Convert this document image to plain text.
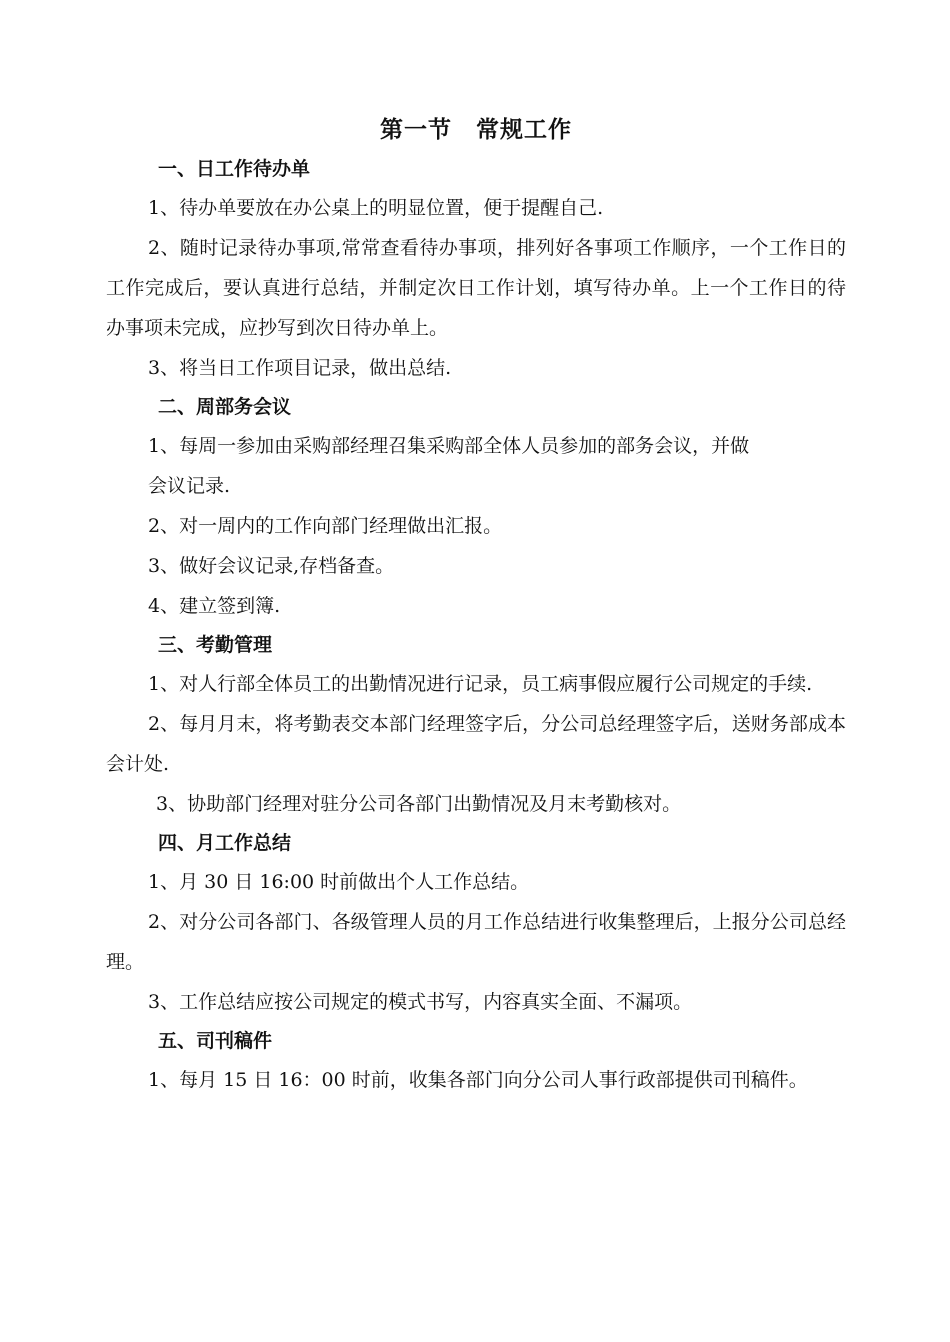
第一节　常规工作
一、日工作待办单

1、待办单要放在办公桌上的明显位置，便于提醒自己.

2、随时记录待办事项,常常查看待办事项，排列好各事项工作顺序，一个工作日的工作完成后，要认真进行总结，并制定次日工作计划，填写待办单。上一个工作日的待办事项未完成，应抄写到次日待办单上。

3、将当日工作项目记录，做出总结.

二、周部务会议

1、每周一参加由采购部经理召集采购部全体人员参加的部务会议，并做

会议记录.

2、对一周内的工作向部门经理做出汇报。

3、做好会议记录,存档备查。

4、建立签到簿.

三、考勤管理

1、对人行部全体员工的出勤情况进行记录，员工病事假应履行公司规定的手续.

2、每月月末，将考勤表交本部门经理签字后，分公司总经理签字后，送财务部成本会计处.

3、协助部门经理对驻分公司各部门出勤情况及月末考勤核对。

四、月工作总结

1、月 30 日 16:00 时前做出个人工作总结。

2、对分公司各部门、各级管理人员的月工作总结进行收集整理后，上报分公司总经理。

3、工作总结应按公司规定的模式书写，内容真实全面、不漏项。

五、司刊稿件

1、每月 15 日 16：00 时前，收集各部门向分公司人事行政部提供司刊稿件。
